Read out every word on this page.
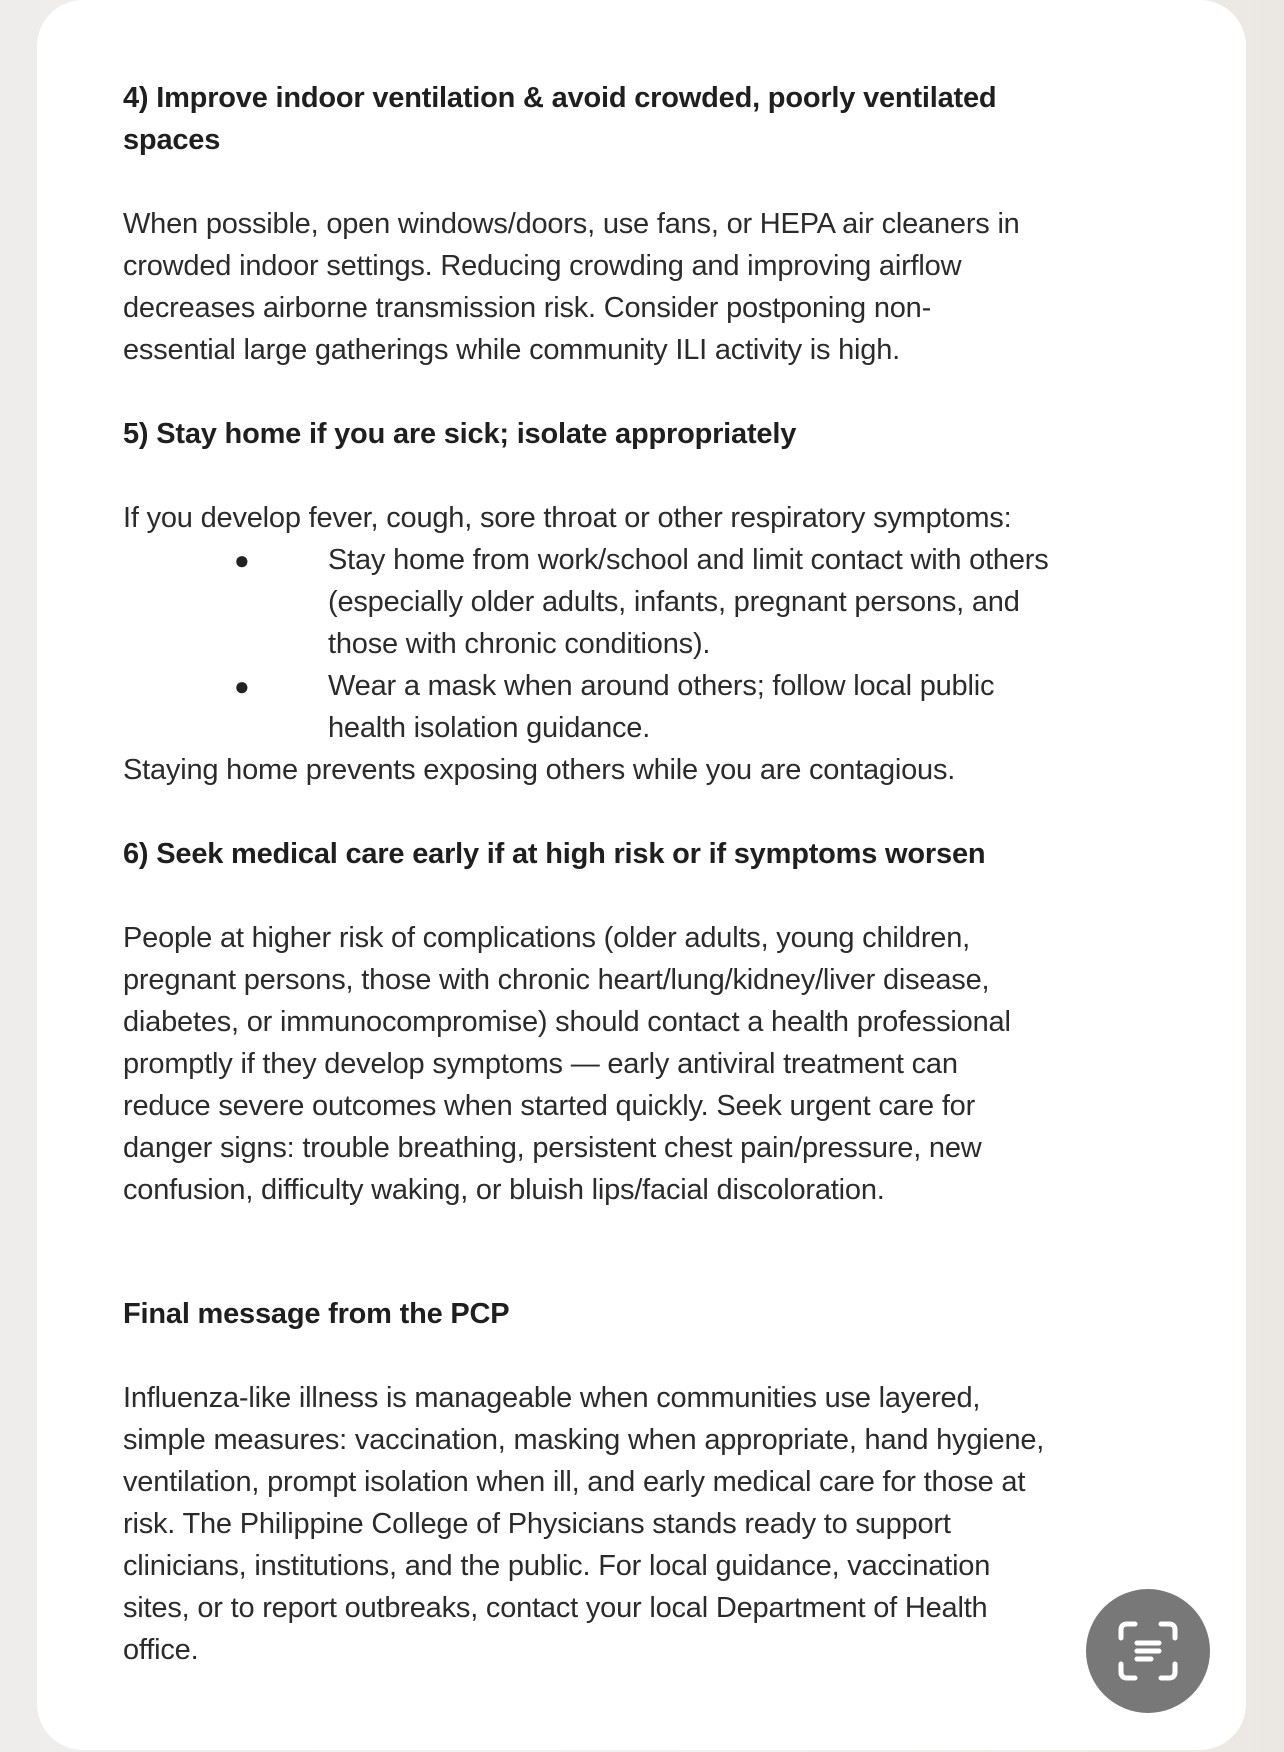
4) Improve indoor ventilation & avoid crowded, poorly ventilated
spaces
When possible, open windows/doors, use fans, or HEPA air cleaners in
crowded indoor settings. Reducing crowding and improving airflow
decreases airborne transmission risk. Consider postponing non-
essential large gatherings while community ILI activity is high.
5) Stay home if you are sick; isolate appropriately
If you develop fever, cough, sore throat or other respiratory symptoms:
●	Stay home from work/school and limit contact with others
(especially older adults, infants, pregnant persons, and
those with chronic conditions).
●	Wear a mask when around others; follow local public
health isolation guidance.
Staying home prevents exposing others while you are contagious.
6) Seek medical care early if at high risk or if symptoms worsen
People at higher risk of complications (older adults, young children,
pregnant persons, those with chronic heart/lung/kidney/liver disease,
diabetes, or immunocompromise) should contact a health professional
promptly if they develop symptoms — early antiviral treatment can
reduce severe outcomes when started quickly. Seek urgent care for
danger signs: trouble breathing, persistent chest pain/pressure, new
confusion, difficulty waking, or bluish lips/facial discoloration.
Final message from the PCP
Influenza-like illness is manageable when communities use layered,
simple measures: vaccination, masking when appropriate, hand hygiene,
ventilation, prompt isolation when ill, and early medical care for those at
risk. The Philippine College of Physicians stands ready to support
clinicians, institutions, and the public. For local guidance, vaccination
sites, or to report outbreaks, contact your local Department of Health
office.
